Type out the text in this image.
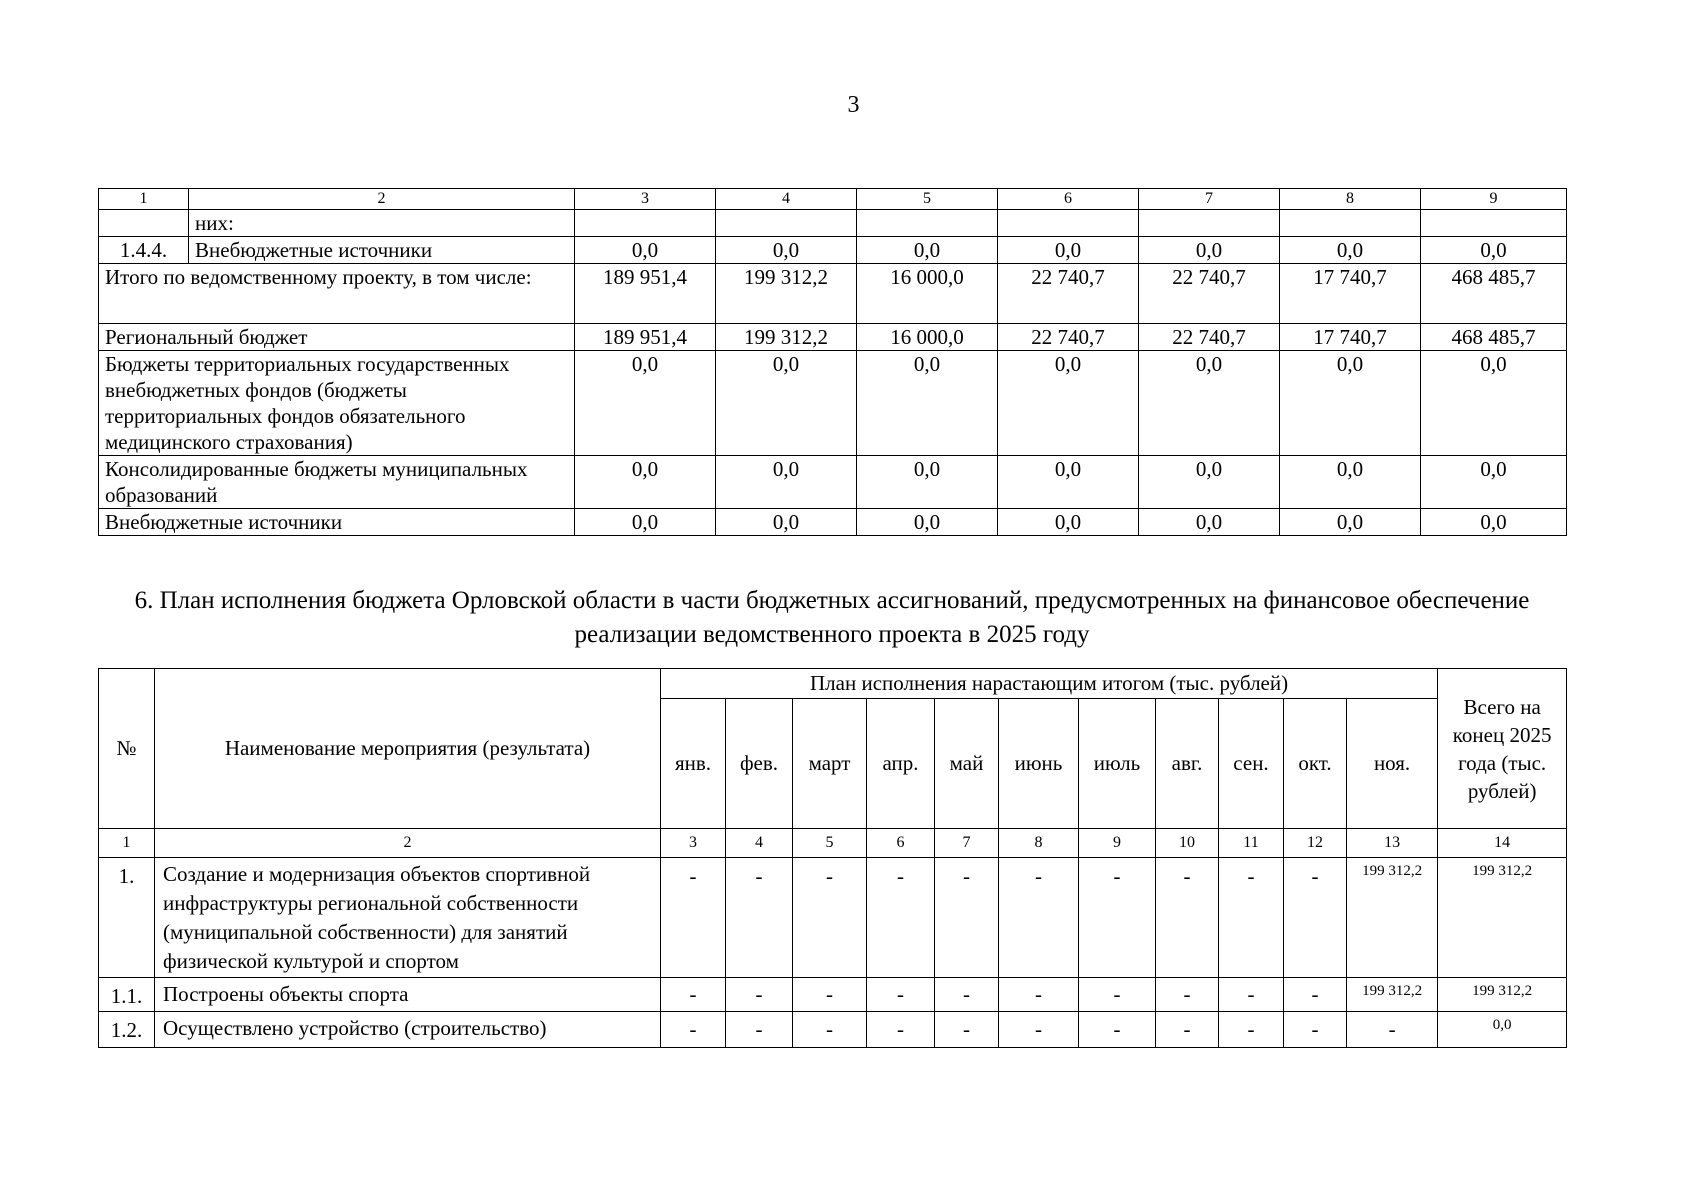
3
1	2	3	4	5	6	7	8	9
	них:							
1.4.4.	Внебюджетные источники	0,0	0,0	0,0	0,0	0,0	0,0	0,0
Итого по ведомственному проекту, в том числе:		189 951,4	199 312,2	16 000,0	22 740,7	22 740,7	17 740,7	468 485,7
Региональный бюджет		189 951,4	199 312,2	16 000,0	22 740,7	22 740,7	17 740,7	468 485,7
Бюджеты территориальных государственных внебюджетных фондов (бюджеты территориальных фондов обязательного медицинского страхования)		0,0	0,0	0,0	0,0	0,0	0,0	0,0
Консолидированные бюджеты муниципальных образований		0,0	0,0	0,0	0,0	0,0	0,0	0,0
Внебюджетные источники		0,0	0,0	0,0	0,0	0,0	0,0	0,0
6. План исполнения бюджета Орловской области в части бюджетных ассигнований, предусмотренных на финансовое обеспечение реализации ведомственного проекта в 2025 году
№	Наименование мероприятия (результата)	План исполнения нарастающим итогом (тыс. рублей)											Всего на конец 2025 года (тыс. рублей)
		янв.	фев.	март	апр.	май	июнь	июль	авг.	сен.	окт.	ноя.	
1	2	3	4	5	6	7	8	9	10	11	12	13	14
1.	Создание и модернизация объектов спортивной инфраструктуры региональной собственности (муниципальной собственности) для занятий физической культурой и спортом	-	-	-	-	-	-	-	-	-	-	199 312,2	199 312,2
1.1.	Построены объекты спорта	-	-	-	-	-	-	-	-	-	-	199 312,2	199 312,2
1.2.	Осуществлено устройство (строительство)	-	-	-	-	-	-	-	-	-	-	-	0,0
